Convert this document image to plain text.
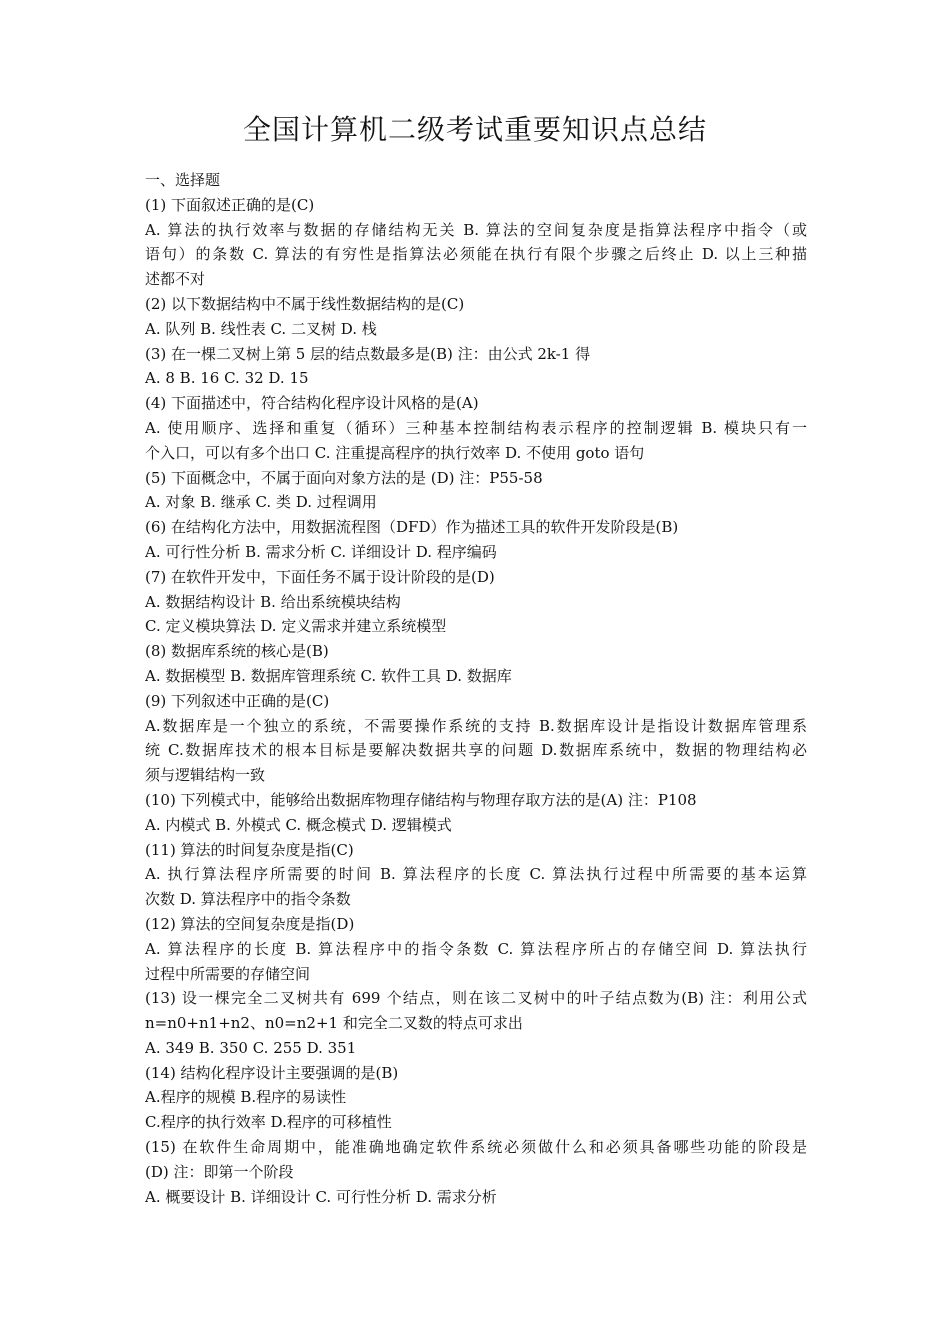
全国计算机二级考试重要知识点总结
一、选择题
(1) 下面叙述正确的是(C)
A. 算法的执行效率与数据的存储结构无关 B. 算法的空间复杂度是指算法程序中指令（或
语句）的条数 C. 算法的有穷性是指算法必须能在执行有限个步骤之后终止 D. 以上三种描
述都不对
(2) 以下数据结构中不属于线性数据结构的是(C)
A. 队列 B. 线性表 C. 二叉树 D. 栈
(3) 在一棵二叉树上第 5 层的结点数最多是(B) 注：由公式 2k-1 得
A. 8 B. 16 C. 32 D. 15
(4) 下面描述中，符合结构化程序设计风格的是(A)
A. 使用顺序、选择和重复（循环）三种基本控制结构表示程序的控制逻辑 B. 模块只有一
个入口，可以有多个出口 C. 注重提高程序的执行效率 D. 不使用 goto 语句
(5) 下面概念中，不属于面向对象方法的是 (D) 注：P55-58
A. 对象 B. 继承 C. 类 D. 过程调用
(6) 在结构化方法中，用数据流程图（DFD）作为描述工具的软件开发阶段是(B)
A. 可行性分析 B. 需求分析 C. 详细设计 D. 程序编码
(7) 在软件开发中，下面任务不属于设计阶段的是(D)
A. 数据结构设计 B. 给出系统模块结构
C. 定义模块算法 D. 定义需求并建立系统模型
(8) 数据库系统的核心是(B)
A. 数据模型 B. 数据库管理系统 C. 软件工具 D. 数据库
(9) 下列叙述中正确的是(C)
A.数据库是一个独立的系统，不需要操作系统的支持 B.数据库设计是指设计数据库管理系
统 C.数据库技术的根本目标是要解决数据共享的问题 D.数据库系统中，数据的物理结构必
须与逻辑结构一致
(10) 下列模式中，能够给出数据库物理存储结构与物理存取方法的是(A) 注：P108
A. 内模式 B. 外模式 C. 概念模式 D. 逻辑模式
(11) 算法的时间复杂度是指(C)
A. 执行算法程序所需要的时间 B. 算法程序的长度 C. 算法执行过程中所需要的基本运算
次数 D. 算法程序中的指令条数
(12) 算法的空间复杂度是指(D)
A. 算法程序的长度 B. 算法程序中的指令条数 C. 算法程序所占的存储空间 D. 算法执行
过程中所需要的存储空间
(13) 设一棵完全二叉树共有 699 个结点，则在该二叉树中的叶子结点数为(B) 注：利用公式
n=n0+n1+n2、n0=n2+1 和完全二叉数的特点可求出
A. 349 B. 350 C. 255 D. 351
(14) 结构化程序设计主要强调的是(B)
A.程序的规模 B.程序的易读性
C.程序的执行效率 D.程序的可移植性
(15) 在软件生命周期中，能准确地确定软件系统必须做什么和必须具备哪些功能的阶段是
(D) 注：即第一个阶段
A. 概要设计 B. 详细设计 C. 可行性分析 D. 需求分析
